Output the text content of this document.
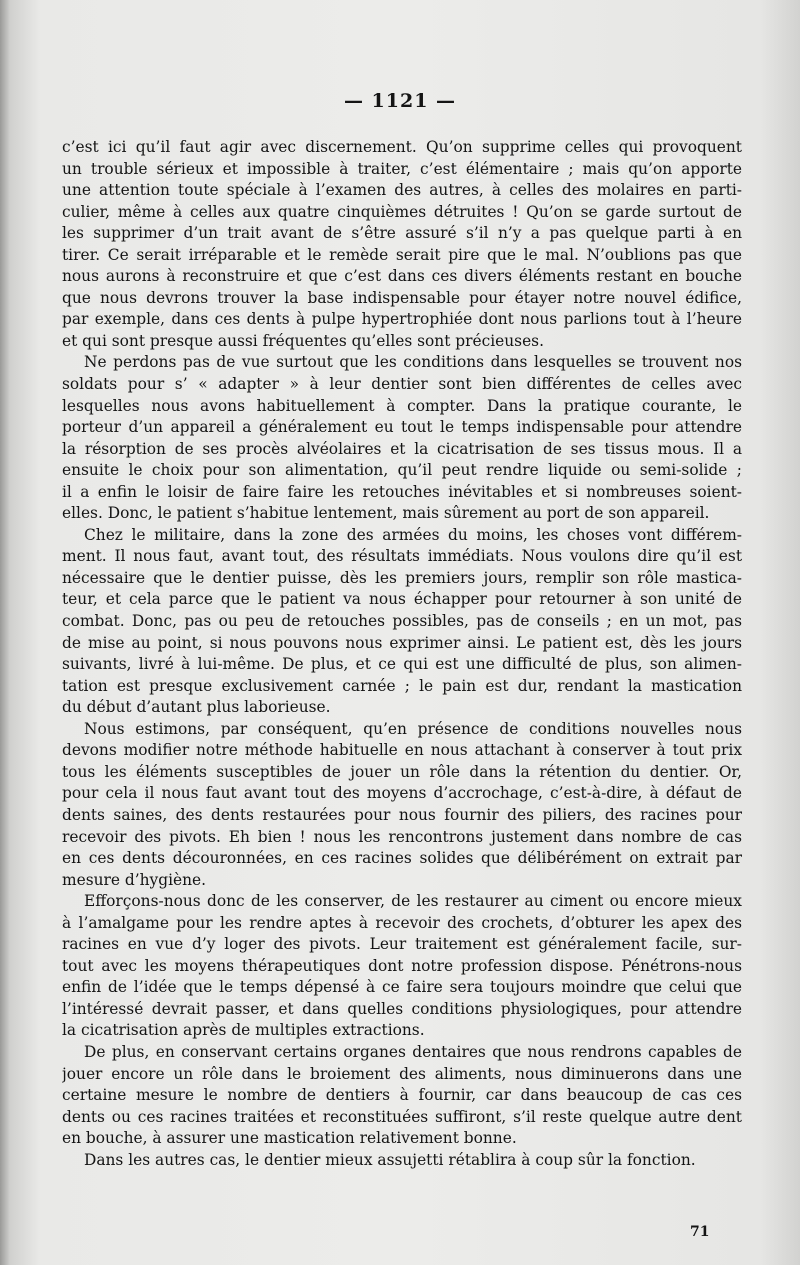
— 1121 —
c’est ici qu’il faut agir avec discernement. Qu’on supprime celles qui provoquent
un trouble sérieux et impossible à traiter, c’est élémentaire ; mais qu’on apporte
une attention toute spéciale à l’examen des autres, à celles des molaires en parti-
culier, même à celles aux quatre cinquièmes détruites ! Qu’on se garde surtout de
les supprimer d’un trait avant de s’être assuré s’il n’y a pas quelque parti à en
tirer. Ce serait irréparable et le remède serait pire que le mal. N’oublions pas que
nous aurons à reconstruire et que c’est dans ces divers éléments restant en bouche
que nous devrons trouver la base indispensable pour étayer notre nouvel édifice,
par exemple, dans ces dents à pulpe hypertrophiée dont nous parlions tout à l’heure
et qui sont presque aussi fréquentes qu’elles sont précieuses.
Ne perdons pas de vue surtout que les conditions dans lesquelles se trouvent nos
soldats pour s’ « adapter » à leur dentier sont bien différentes de celles avec
lesquelles nous avons habituellement à compter. Dans la pratique courante, le
porteur d’un appareil a généralement eu tout le temps indispensable pour attendre
la résorption de ses procès alvéolaires et la cicatrisation de ses tissus mous. Il a
ensuite le choix pour son alimentation, qu’il peut rendre liquide ou semi-solide ;
il a enfin le loisir de faire faire les retouches inévitables et si nombreuses soient-
elles. Donc, le patient s’habitue lentement, mais sûrement au port de son appareil.
Chez le militaire, dans la zone des armées du moins, les choses vont différem-
ment. Il nous faut, avant tout, des résultats immédiats. Nous voulons dire qu’il est
nécessaire que le dentier puisse, dès les premiers jours, remplir son rôle mastica-
teur, et cela parce que le patient va nous échapper pour retourner à son unité de
combat. Donc, pas ou peu de retouches possibles, pas de conseils ; en un mot, pas
de mise au point, si nous pouvons nous exprimer ainsi. Le patient est, dès les jours
suivants, livré à lui-même. De plus, et ce qui est une difficulté de plus, son alimen-
tation est presque exclusivement carnée ; le pain est dur, rendant la mastication
du début d’autant plus laborieuse.
Nous estimons, par conséquent, qu’en présence de conditions nouvelles nous
devons modifier notre méthode habituelle en nous attachant à conserver à tout prix
tous les éléments susceptibles de jouer un rôle dans la rétention du dentier. Or,
pour cela il nous faut avant tout des moyens d’accrochage, c’est-à-dire, à défaut de
dents saines, des dents restaurées pour nous fournir des piliers, des racines pour
recevoir des pivots. Eh bien ! nous les rencontrons justement dans nombre de cas
en ces dents découronnées, en ces racines solides que délibérément on extrait par
mesure d’hygiène.
Efforçons-nous donc de les conserver, de les restaurer au ciment ou encore mieux
à l’amalgame pour les rendre aptes à recevoir des crochets, d’obturer les apex des
racines en vue d’y loger des pivots. Leur traitement est généralement facile, sur-
tout avec les moyens thérapeutiques dont notre profession dispose. Pénétrons-nous
enfin de l’idée que le temps dépensé à ce faire sera toujours moindre que celui que
l’intéressé devrait passer, et dans quelles conditions physiologiques, pour attendre
la cicatrisation après de multiples extractions.
De plus, en conservant certains organes dentaires que nous rendrons capables de
jouer encore un rôle dans le broiement des aliments, nous diminuerons dans une
certaine mesure le nombre de dentiers à fournir, car dans beaucoup de cas ces
dents ou ces racines traitées et reconstituées suffiront, s’il reste quelque autre dent
en bouche, à assurer une mastication relativement bonne.
Dans les autres cas, le dentier mieux assujetti rétablira à coup sûr la fonction.
71
